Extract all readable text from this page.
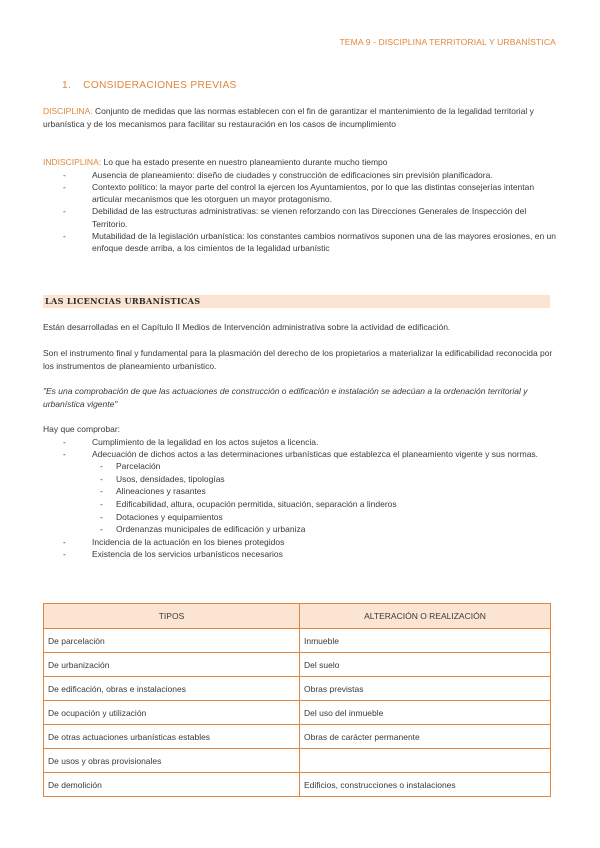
TEMA 9 - DISCIPLINA TERRITORIAL Y URBANÍSTICA
1. CONSIDERACIONES PREVIAS
DISCIPLINA: Conjunto de medidas que las normas establecen con el fin de garantizar el mantenimiento de la legalidad territorial y urbanística y de los mecanismos para facilitar su restauración en los casos de incumplimiento
INDISCIPLINA: Lo que ha estado presente en nuestro planeamiento durante mucho tiempo
- Ausencia de planeamiento: diseño de ciudades y construcción de edificaciones sin previsión planificadora.
- Contexto político: la mayor parte del control la ejercen los Ayuntamientos, por lo que las distintas consejerías intentan articular mecanismos que les otorguen un mayor protagonismo.
- Debilidad de las estructuras administrativas: se vienen reforzando con las Direcciones Generales de Inspección del Territorio.
- Mutabilidad de la legislación urbanística: los constantes cambios normativos suponen una de las mayores erosiones, en un enfoque desde arriba, a los cimientos de la legalidad urbanístic
LAS LICENCIAS URBANÍSTICAS
Están desarrolladas en el Capítulo II Medios de Intervención administrativa sobre la actividad de edificación.
Son el instrumento final y fundamental para la plasmación del derecho de los propietarios a materializar la edificabilidad reconocida por los instrumentos de planeamiento urbanístico.
"Es una comprobación de que las actuaciones de construcción o edificación e instalación se adecúan a la ordenación territorial y urbanística vigente"
Hay que comprobar:
- Cumplimiento de la legalidad en los actos sujetos a licencia.
- Adecuación de dichos actos a las determinaciones urbanísticas que establezca el planeamiento vigente y sus normas.
- Parcelación
- Usos, densidades, tipologías
- Alineaciones y rasantes
- Edificabilidad, altura, ocupación permitida, situación, separación a linderos
- Dotaciones y equipamientos
- Ordenanzas municipales de edificación y urbaniza
- Incidencia de la actuación en los bienes protegidos
- Existencia de los servicios urbanísticos necesarios
TIPOS	ALTERACIÓN O REALIZACIÓN
De parcelación	Inmueble
De urbanización	Del suelo
De edificación, obras e instalaciones	Obras previstas
De ocupación y utilización	Del uso del inmueble
De otras actuaciones urbanísticas estables	Obras de carácter permanente
De usos y obras provisionales	
De demolición	Edificios, construcciones o instalaciones
